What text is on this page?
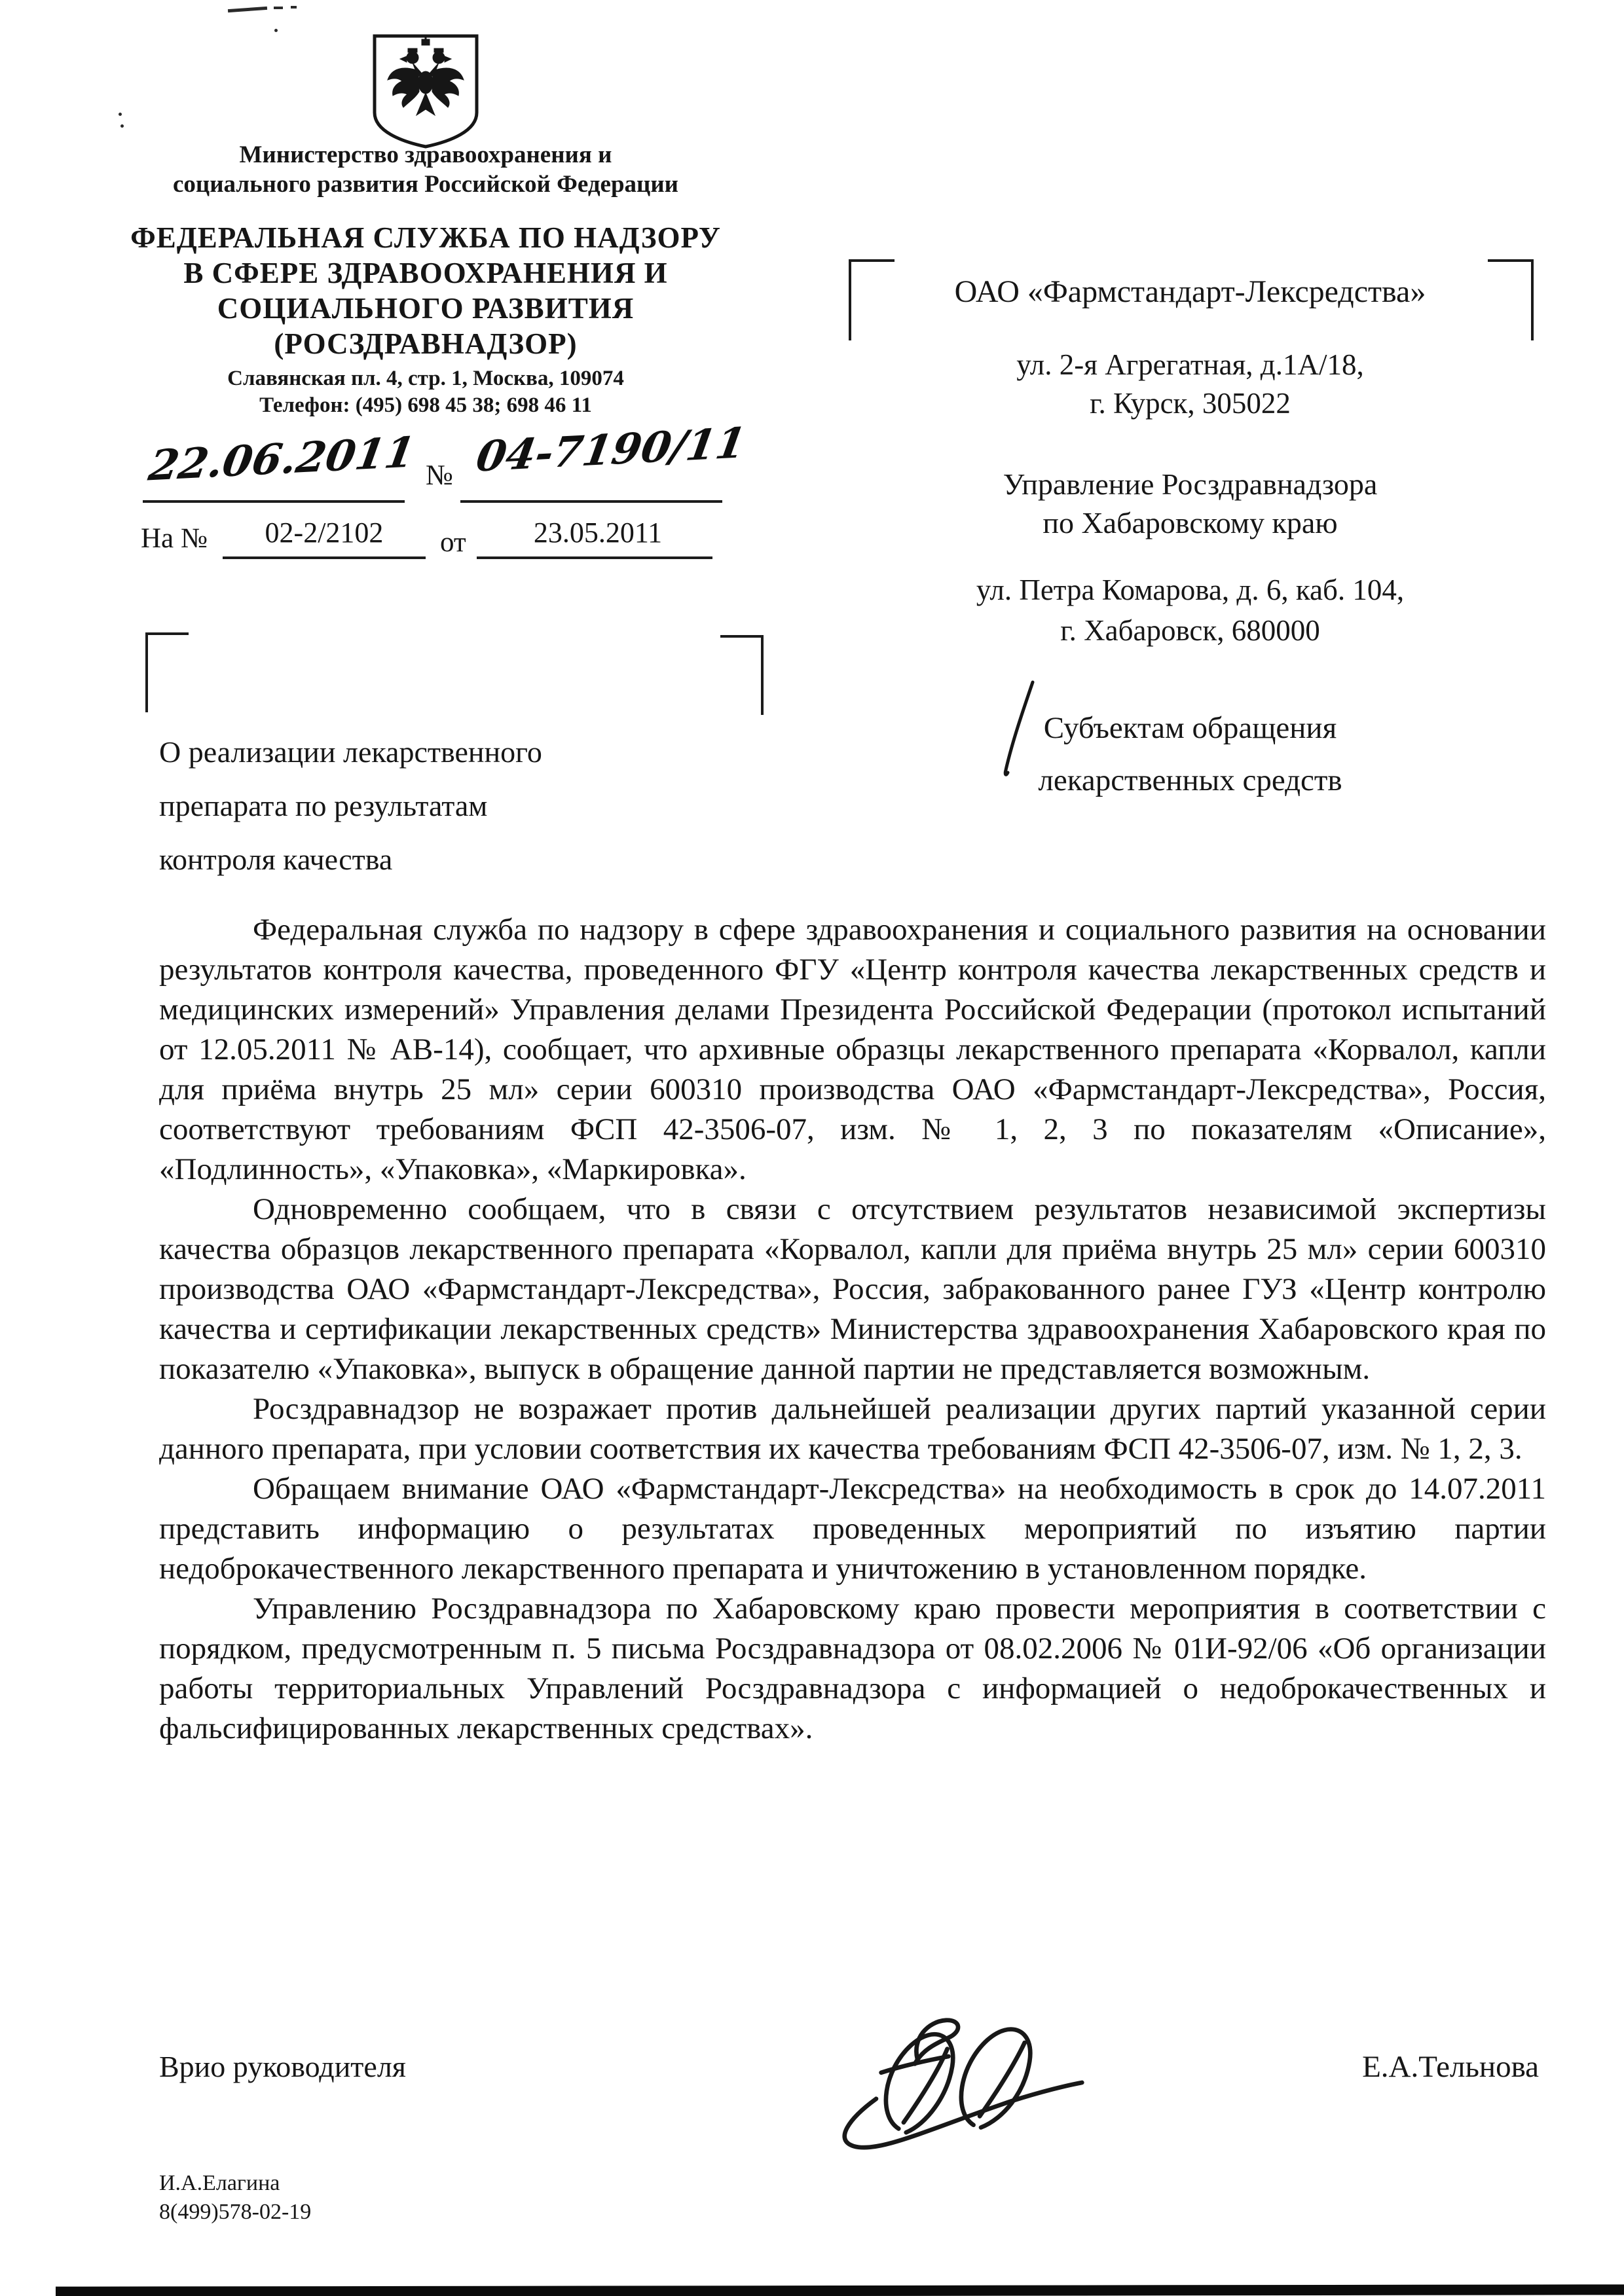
Министерство здравоохранения и
социального развития Российской Федерации
ФЕДЕРАЛЬНАЯ СЛУЖБА ПО НАДЗОРУ
В СФЕРЕ ЗДРАВООХРАНЕНИЯ И
СОЦИАЛЬНОГО РАЗВИТИЯ
(РОСЗДРАВНАДЗОР)
Славянская пл. 4, стр. 1, Москва, 109074
Телефон: (495) 698 45 38; 698 46 11
22.06.2011 № 04-7190/11
На №	02-2/2102	от	23.05.2011
О реализации лекарственного
препарата по результатам
контроля качества
ОАО «Фармстандарт-Лексредства»
ул. 2-я Агрегатная, д.1А/18,
г. Курск, 305022
Управление Росздравнадзора
по Хабаровскому краю
ул. Петра Комарова, д. 6, каб. 104,
г. Хабаровск, 680000
Субъектам обращения
лекарственных средств

Федеральная служба по надзору в сфере здравоохранения и социального развития на основании результатов контроля качества, проведенного ФГУ «Центр контроля качества лекарственных средств и медицинских измерений» Управления делами Президента Российской Федерации (протокол испытаний от 12.05.2011 № АВ-14), сообщает, что архивные образцы лекарственного препарата «Корвалол, капли для приёма внутрь 25 мл» серии 600310 производства ОАО «Фармстандарт-Лексредства», Россия, соответствуют требованиям ФСП 42-3506-07, изм. № 1, 2, 3 по показателям «Описание», «Подлинность», «Упаковка», «Маркировка».

Одновременно сообщаем, что в связи с отсутствием результатов независимой экспертизы качества образцов лекарственного препарата «Корвалол, капли для приёма внутрь 25 мл» серии 600310 производства ОАО «Фармстандарт-Лексредства», Россия, забракованного ранее ГУЗ «Центр контролю качества и сертификации лекарственных средств» Министерства здравоохранения Хабаровского края по показателю «Упаковка», выпуск в обращение данной партии не представляется возможным.

Росздравнадзор не возражает против дальнейшей реализации других партий указанной серии данного препарата, при условии соответствия их качества требованиям ФСП 42-3506-07, изм. № 1, 2, 3.

Обращаем внимание ОАО «Фармстандарт-Лексредства» на необходимость в срок до 14.07.2011 представить информацию о результатах проведенных мероприятий по изъятию партии недоброкачественного лекарственного препарата и уничтожению в установленном порядке.

Управлению Росздравнадзора по Хабаровскому краю провести мероприятия в соответствии с порядком, предусмотренным п. 5 письма Росздравнадзора от 08.02.2006 № 01И-92/06 «Об организации работы территориальных Управлений Росздравнадзора с информацией о недоброкачественных и фальсифицированных лекарственных средствах».

Врио руководителя	Е.А.Тельнова
И.А.Елагина
8(499)578-02-19
